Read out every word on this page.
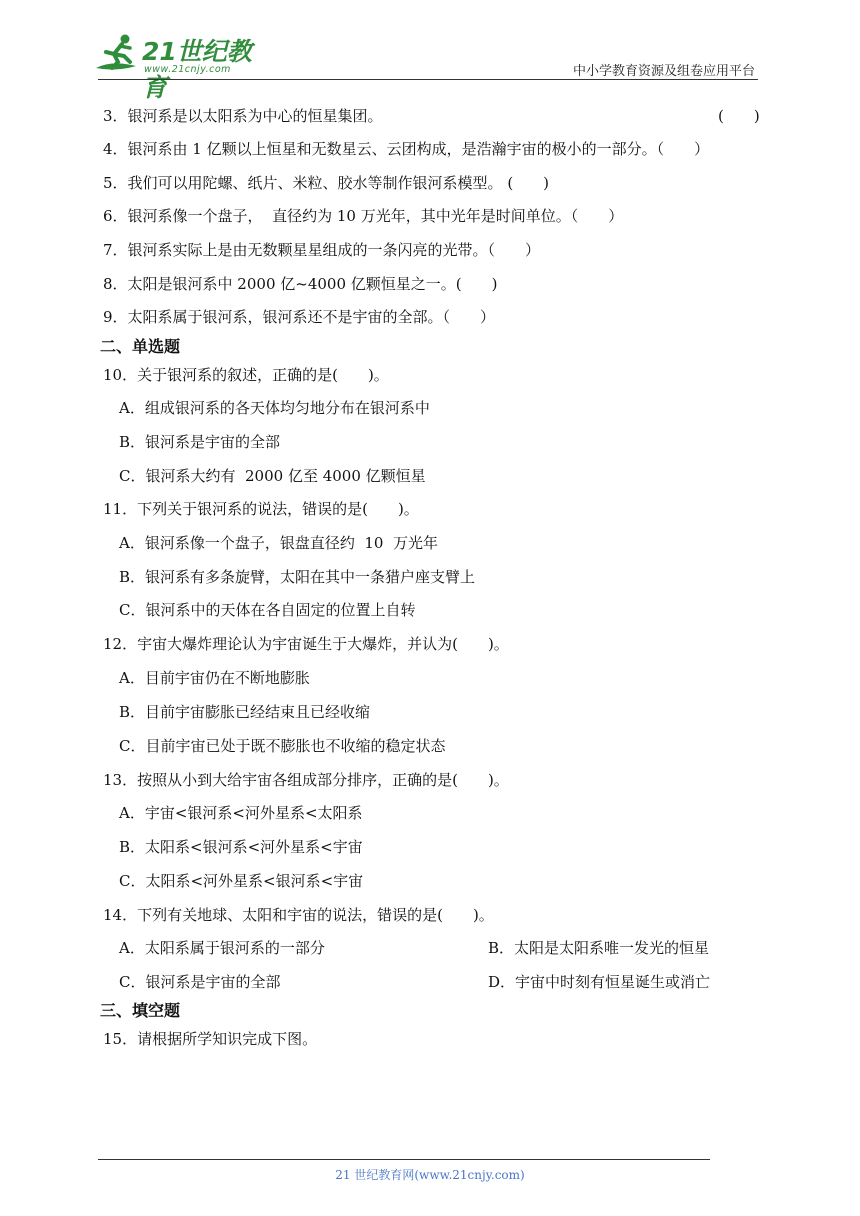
21世纪教育
www.21cnjy.com	中小学教育资源及组卷应用平台
3．银河系是以太阳系为中心的恒星集团。	(　　)
4．银河系由 1 亿颗以上恒星和无数星云、云团构成，是浩瀚宇宙的极小的一部分。（　　）
5．我们可以用陀螺、纸片、米粒、胶水等制作银河系模型。 (　　)
6．银河系像一个盘子，  直径约为 10 万光年，其中光年是时间单位。（　　）
7．银河系实际上是由无数颗星星组成的一条闪亮的光带。（　　）
8．太阳是银河系中 2000 亿~4000 亿颗恒星之一。(　　)
9．太阳系属于银河系，银河系还不是宇宙的全部。（　　）
二、单选题
10．关于银河系的叙述，正确的是(　　)。
A．组成银河系的各天体均匀地分布在银河系中
B．银河系是宇宙的全部
C．银河系大约有  2000 亿至 4000 亿颗恒星
11．下列关于银河系的说法，错误的是(　　)。
A．银河系像一个盘子，银盘直径约  10  万光年
B．银河系有多条旋臂，太阳在其中一条猎户座支臂上
C．银河系中的天体在各自固定的位置上自转
12．宇宙大爆炸理论认为宇宙诞生于大爆炸，并认为(　　)。
A．目前宇宙仍在不断地膨胀
B．目前宇宙膨胀已经结束且已经收缩
C．目前宇宙已处于既不膨胀也不收缩的稳定状态
13．按照从小到大给宇宙各组成部分排序，正确的是(　　)。
A．宇宙<银河系<河外星系<太阳系
B．太阳系<银河系<河外星系<宇宙
C．太阳系<河外星系<银河系<宇宙
14．下列有关地球、太阳和宇宙的说法，错误的是(　　)。
A．太阳系属于银河系的一部分	B．太阳是太阳系唯一发光的恒星
C．银河系是宇宙的全部	D．宇宙中时刻有恒星诞生或消亡
三、填空题
15．请根据所学知识完成下图。
21 世纪教育网(www.21cnjy.com)
